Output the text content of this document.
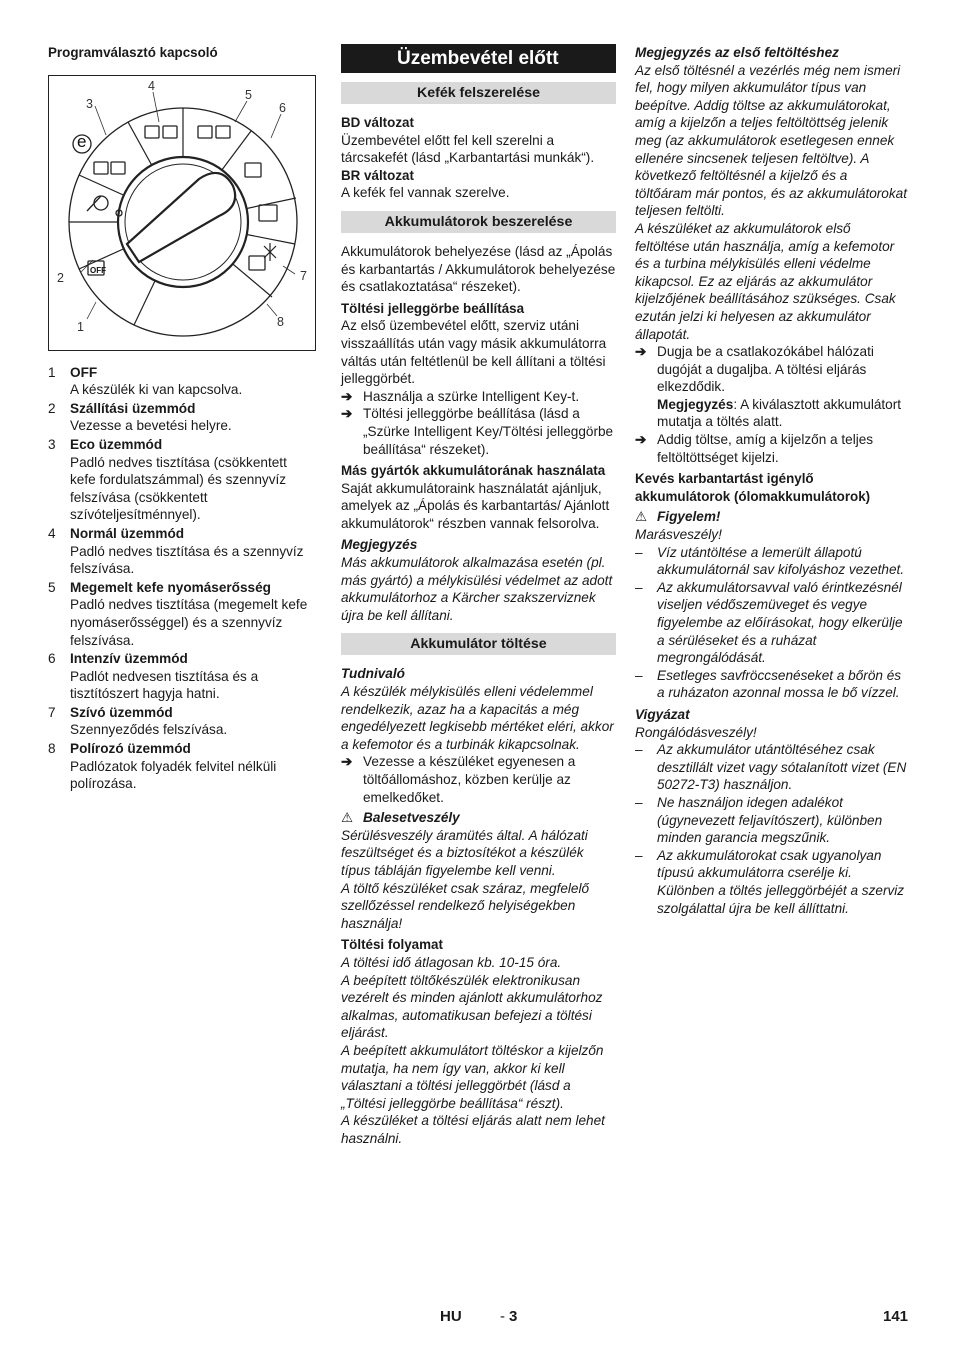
Programválasztó kapcsoló

4
3
5
6
2	7
1	8
OFF
e
1 OFF
A készülék ki van kapcsolva.
2 Szállítási üzemmód
Vezesse a bevetési helyre.
3 Eco üzemmód
Padló nedves tisztítása (csökkentett kefe fordulatszámmal) és szennyvíz felszívása (csökkentett szívóteljesítménnyel).
4 Normál üzemmód
Padló nedves tisztítása és a szennyvíz felszívása.
5 Megemelt kefe nyomáserősség
Padló nedves tisztítása (megemelt kefe nyomáserősséggel) és a szennyvíz felszívása.
6 Intenzív üzemmód
Padlót nedvesen tisztítása és a tisztítószert hagyja hatni.
7 Szívó üzemmód
Szennyeződés felszívása.
8 Polírozó üzemmód
Padlózatok folyadék felvitel nélküli polírozása.
Üzembevétel előtt
Kefék felszerelése

BD változat

Üzembevétel előtt fel kell szerelni a tárcsakefét (lásd „Karbantartási munkák“).

BR változat

A kefék fel vannak szerelve.

Akkumulátorok beszerelése

Akkumulátorok behelyezése (lásd az „Ápolás és karbantartás / Akkumulátorok behelyezése és csatlakoztatása“ részeket).

Töltési jelleggörbe beállítása

Az első üzembevétel előtt, szerviz utáni visszaállítás után vagy másik akkumulátorra váltás után feltétlenül be kell állítani a töltési jelleggörbét.

➔ Használja a szürke Intelligent Key-t.
➔ Töltési jelleggörbe beállítása (lásd a „Szürke Intelligent Key/Töltési jelleggörbe beállítása“ részeket).

Más gyártók akkumulátorának használata

Saját akkumulátoraink használatát ajánljuk, amelyek az „Ápolás és karbantartás/ Ajánlott akkumulátorok“ részben vannak felsorolva.

Megjegyzés

Más akkumulátorok alkalmazása esetén (pl. más gyártó) a mélykisülési védelmet az adott akkumulátorhoz a Kärcher szakszerviznek újra be kell állítani.

Akkumulátor töltése

Tudnivaló

A készülék mélykisülés elleni védelemmel rendelkezik, azaz ha a kapacitás a még engedélyezett legkisebb mértéket eléri, akkor a kefemotor és a turbinák kikapcsolnak.

➔ Vezesse a készüléket egyenesen a töltőállomáshoz, közben kerülje az emelkedőket.

⚠ Balesetveszély

Sérülésveszély áramütés által. A hálózati feszültséget és a biztosítékot a készülék típus tábláján figyelembe kell venni.

A töltő készüléket csak száraz, megfelelő szellőzéssel rendelkező helyiségekben használja!

Töltési folyamat

A töltési idő átlagosan kb. 10-15 óra.

A beépített töltőkészülék elektronikusan vezérelt és minden ajánlott akkumulátorhoz alkalmas, automatikusan befejezi a töltési eljárást.

A beépített akkumulátort töltéskor a kijelzőn mutatja, ha nem így van, akkor ki kell választani a töltési jelleggörbét (lásd a „Töltési jelleggörbe beállítása“ részt).

A készüléket a töltési eljárás alatt nem lehet használni.

Megjegyzés az első feltöltéshez

Az első töltésnél a vezérlés még nem ismeri fel, hogy milyen akkumulátor típus van beépítve. Addig töltse az akkumulátorokat, amíg a kijelzőn a teljes feltöltöttség jelenik meg (az akkumulátorok esetlegesen ennek ellenére sincsenek teljesen feltöltve). A következő feltöltésnél a kijelző és a töltőáram már pontos, és az akkumulátorokat teljesen feltölti.

A készüléket az akkumulátorok első feltöltése után használja, amíg a kefemotor és a turbina mélykisülés elleni védelme kikapcsol. Ez az eljárás az akkumulátor kijelzőjének beállításához szükséges. Csak ezután jelzi ki helyesen az akkumulátor állapotát.

➔ Dugja be a csatlakozókábel hálózati dugóját a dugaljba. A töltési eljárás elkezdődik.
Megjegyzés: A kiválasztott akkumulátort mutatja a töltés alatt.
➔ Addig töltse, amíg a kijelzőn a teljes feltöltöttséget kijelzi.

Kevés karbantartást igénylő akkumulátorok (ólomakkumulátorok)

⚠ Figyelem!

Marásveszély!

– Víz utántöltése a lemerült állapotú akkumulátornál sav kifolyáshoz vezethet.
– Az akkumulátorsavval való érintkezésnél viseljen védőszemüveget és vegye figyelembe az előírásokat, hogy elkerülje a sérüléseket és a ruházat megrongálódását.
– Esetleges savfröccsenéseket a bőrön és a ruházaton azonnal mossa le bő vízzel.

Vigyázat

Rongálódásveszély!

– Az akkumulátor utántöltéséhez csak desztillált vizet vagy sótalanított vizet (EN 50272-T3) használjon.
– Ne használjon idegen adalékot (úgynevezett feljavítószert), különben minden garancia megszűnik.
– Az akkumulátorokat csak ugyanolyan típusú akkumulátorra cserélje ki. Különben a töltés jelleggörbéjét a szerviz szolgálattal újra be kell állíttatni.
HU	- 3	141
